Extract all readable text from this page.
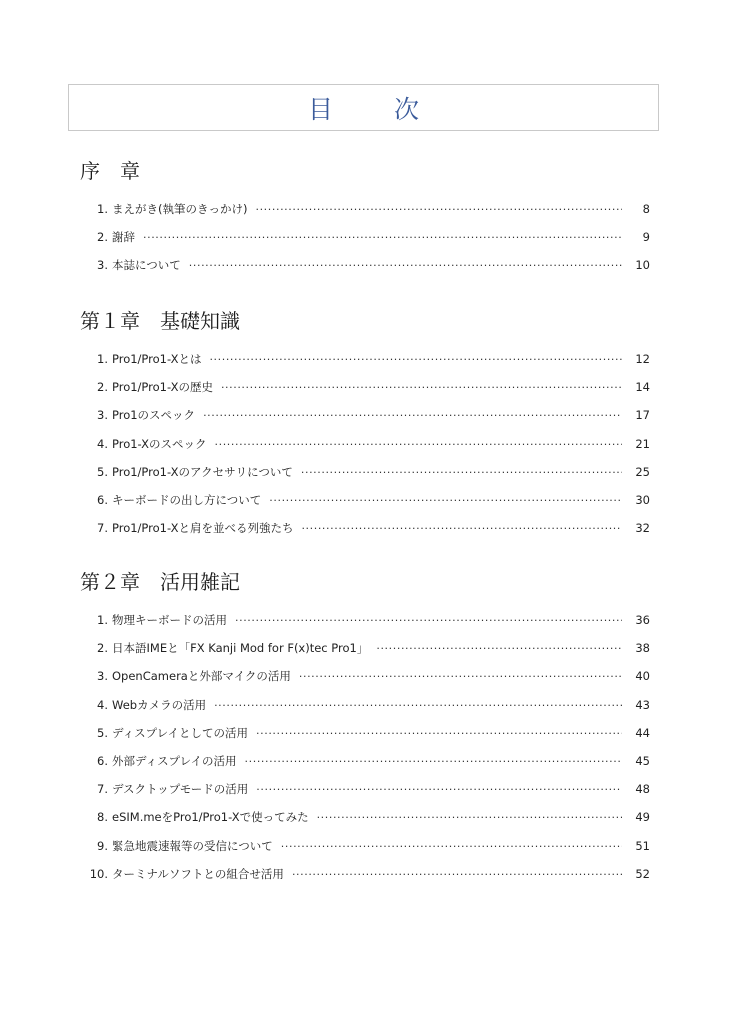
目　次
序　章
1. まえがき(執筆のきっかけ) ·····	8
2. 謝辞 ·····	9
3. 本誌について ·····	10
第１章　基礎知識
1. Pro1/Pro1-Xとは ·····	12
2. Pro1/Pro1-Xの歴史 ·····	14
3. Pro1のスペック ·····	17
4. Pro1-Xのスペック ·····	21
5. Pro1/Pro1-Xのアクセサリについて ·····	25
6. キーボードの出し方について ·····	30
7. Pro1/Pro1-Xと肩を並べる列強たち ·····	32
第２章　活用雑記
1. 物理キーボードの活用 ·····	36
2. 日本語IMEと「FX Kanji Mod for F(x)tec Pro1」 ·····	38
3. OpenCameraと外部マイクの活用 ·····	40
4. Webカメラの活用 ·····	43
5. ディスプレイとしての活用 ·····	44
6. 外部ディスプレイの活用 ·····	45
7. デスクトップモードの活用 ·····	48
8. eSIM.meをPro1/Pro1-Xで使ってみた ·····	49
9. 緊急地震速報等の受信について ·····	51
10. ターミナルソフトとの組合せ活用 ·····	52
